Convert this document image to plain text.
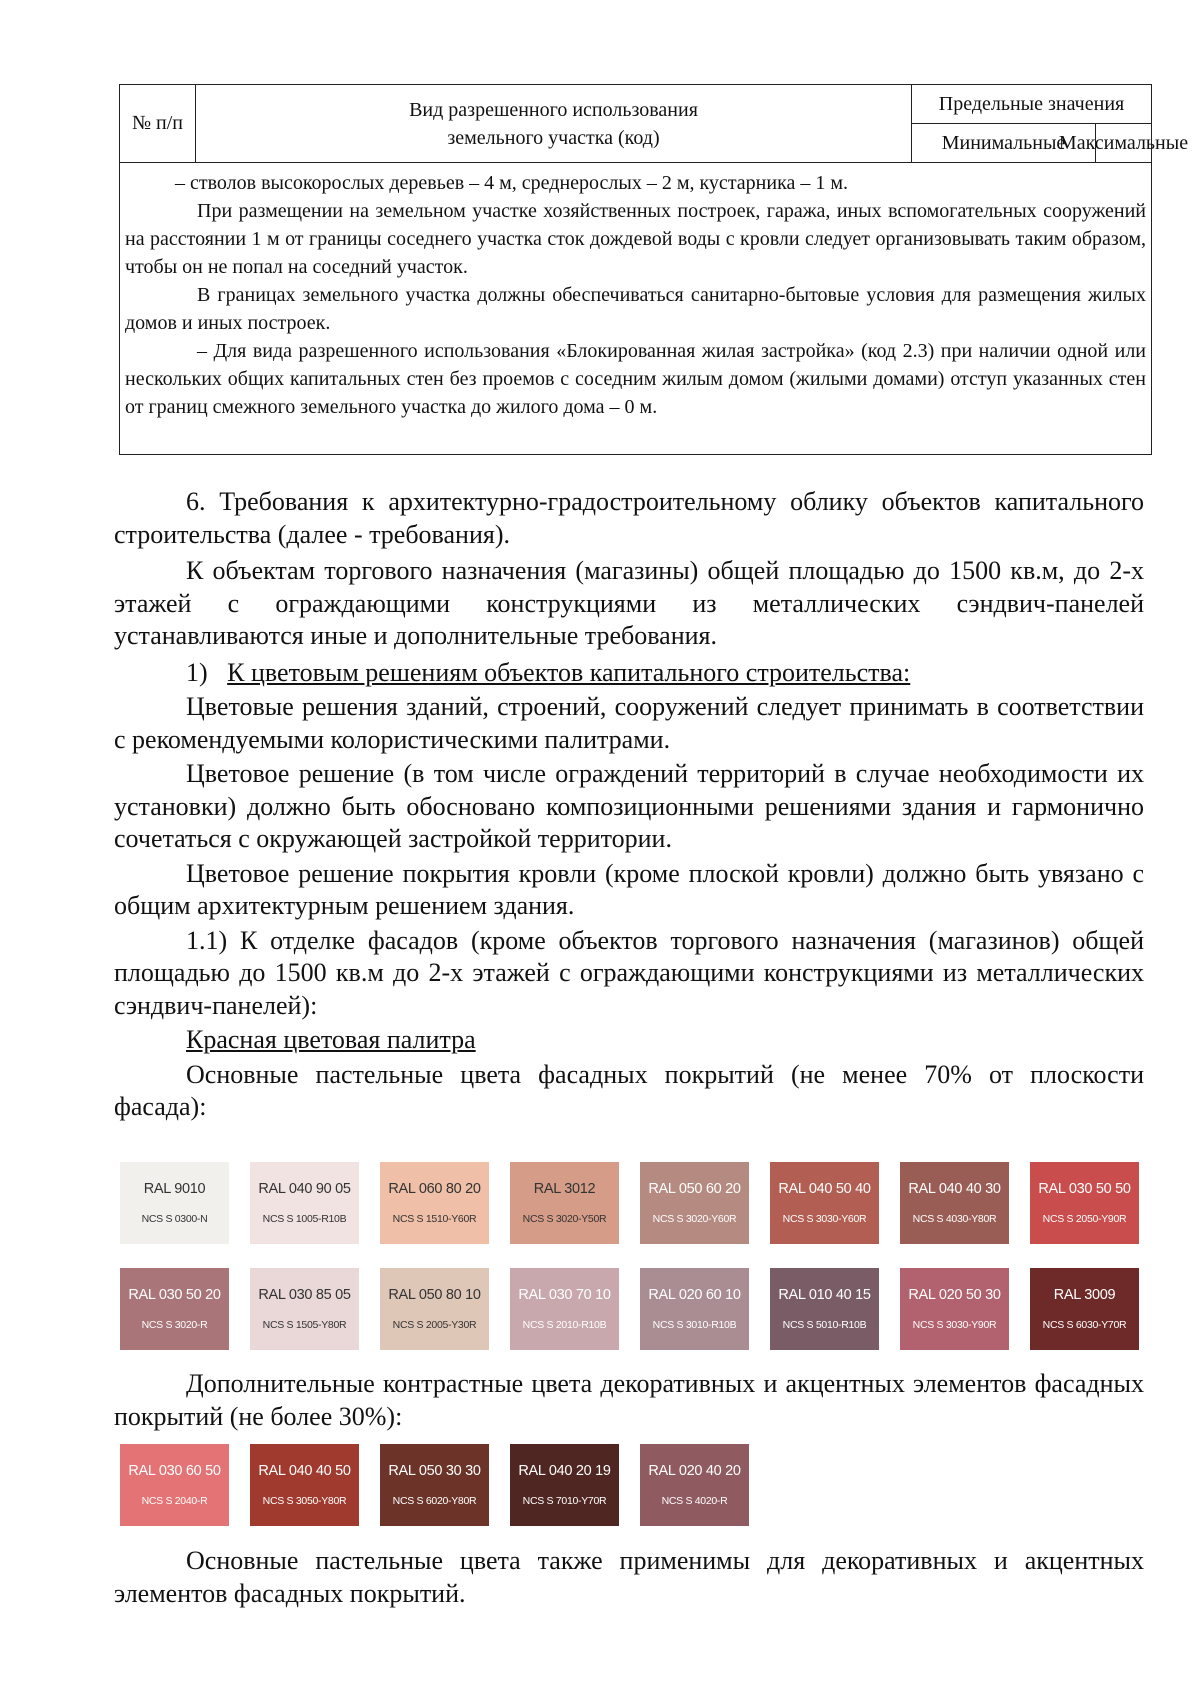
№ п/п
Вид разрешенного использования
земельного участка (код)
Предельные значения
Минимальные
Максимальные

– стволов высокорослых деревьев – 4 м, среднерослых – 2 м, кустарника – 1 м.

При размещении на земельном участке хозяйственных построек, гаража, иных вспомогательных сооружений на расстоянии 1 м от границы соседнего участка сток дождевой воды с кровли следует организовывать таким образом, чтобы он не попал на соседний участок.

В границах земельного участка должны обеспечиваться санитарно-бытовые условия для размещения жилых домов и иных построек.

– Для вида разрешенного использования «Блокированная жилая застройка» (код 2.3) при наличии одной или нескольких общих капитальных стен без проемов с соседним жилым домом (жилыми домами) отступ указанных стен от границ смежного земельного участка до жилого дома – 0 м.

6. Требования к архитектурно-градостроительному облику объектов капитального строительства (далее - требования).

К объектам торгового назначения (магазины) общей площадью до 1500 кв.м, до 2-х этажей с ограждающими конструкциями из металлических сэндвич-панелей устанавливаются иные и дополнительные требования.

1) К цветовым решениям объектов капитального строительства:

Цветовые решения зданий, строений, сооружений следует принимать в соответствии с рекомендуемыми колористическими палитрами.

Цветовое решение (в том числе ограждений территорий в случае необходимости их установки) должно быть обосновано композиционными решениями здания и гармонично сочетаться с окружающей застройкой территории.

Цветовое решение покрытия кровли (кроме плоской кровли) должно быть увязано с общим архитектурным решением здания.

1.1) К отделке фасадов (кроме объектов торгового назначения (магазинов) общей площадью до 1500 кв.м до 2-х этажей с ограждающими конструкциями из металлических сэндвич-панелей):

Красная цветовая палитра

Основные пастельные цвета фасадных покрытий (не менее 70% от плоскости фасада):

RAL 9010
NCS S 0300-N
RAL 040 90 05
NCS S 1005-R10B
RAL 060 80 20
NCS S 1510-Y60R
RAL 3012
NCS S 3020-Y50R
RAL 050 60 20
NCS S 3020-Y60R
RAL 040 50 40
NCS S 3030-Y60R
RAL 040 40 30
NCS S 4030-Y80R
RAL 030 50 50
NCS S 2050-Y90R
RAL 030 50 20
NCS S 3020-R
RAL 030 85 05
NCS S 1505-Y80R
RAL 050 80 10
NCS S 2005-Y30R
RAL 030 70 10
NCS S 2010-R10B
RAL 020 60 10
NCS S 3010-R10B
RAL 010 40 15
NCS S 5010-R10B
RAL 020 50 30
NCS S 3030-Y90R
RAL 3009
NCS S 6030-Y70R

Дополнительные контрастные цвета декоративных и акцентных элементов фасадных покрытий (не более 30%):

RAL 030 60 50
NCS S 2040-R
RAL 040 40 50
NCS S 3050-Y80R
RAL 050 30 30
NCS S 6020-Y80R
RAL 040 20 19
NCS S 7010-Y70R
RAL 020 40 20
NCS S 4020-R

Основные пастельные цвета также применимы для декоративных и акцентных элементов фасадных покрытий.
